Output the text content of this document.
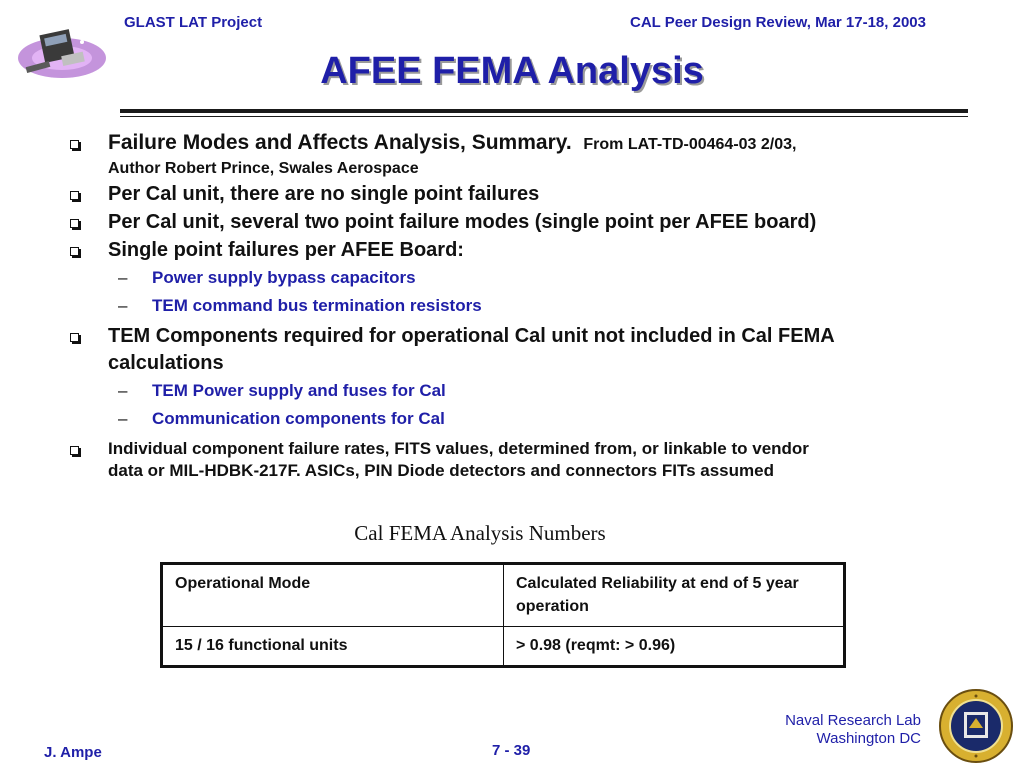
GLAST LAT Project	CAL Peer Design Review, Mar 17-18, 2003
AFEE FEMA Analysis
Failure Modes and Affects Analysis, Summary. From LAT-TD-00464-03 2/03,
Author Robert Prince, Swales Aerospace
Per Cal unit, there are no single point failures
Per Cal unit, several two point failure modes (single point per AFEE board)
Single point failures per AFEE Board:
– Power supply bypass capacitors
– TEM command bus termination resistors
TEM Components required for operational Cal unit not included in Cal FEMA
calculations
– TEM Power supply and fuses for Cal
– Communication components for Cal
Individual component failure rates, FITS values, determined from, or linkable to vendor
data or MIL-HDBK-217F. ASICs, PIN Diode detectors and connectors FITs assumed
Cal FEMA Analysis Numbers
Operational Mode	Calculated Reliability at end of 5 year operation
15 / 16 functional units	> 0.98 (reqmt: > 0.96)
J. Ampe	7 - 39
Naval Research Lab
Washington DC
